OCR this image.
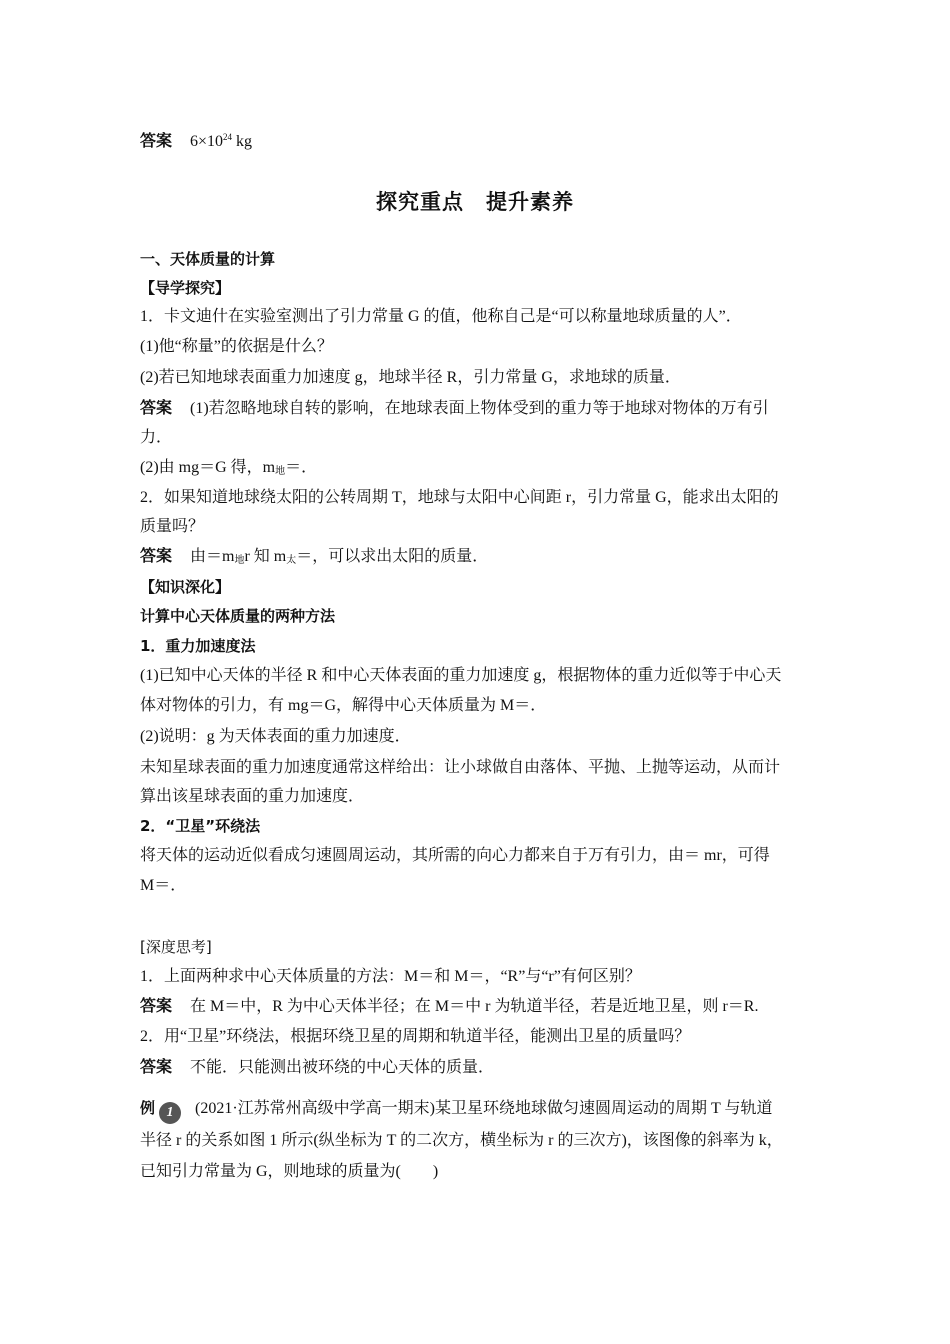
答案 $6\times 10^{24}$ kg
探究重点　提升素养
一、天体质量的计算
【导学探究】
1．卡文迪什在实验室测出了引力常量 G 的值，他称自己是“可以称量地球质量的人”．
(1)他“称量”的依据是什么？
(2)若已知地球表面重力加速度 g，地球半径 R，引力常量 G，求地球的质量．
答案 (1)若忽略地球自转的影响，在地球表面上物体受到的重力等于地球对物体的万有引
力．
(2)由 mg＝G 得，$m_地=$．
2．如果知道地球绕太阳的公转周期 T，地球与太阳中心间距 r，引力常量 G，能求出太阳的
质量吗？
答案 由$=m_地r$ 知 $m_太=$，可以求出太阳的质量．
【知识深化】
计算中心天体质量的两种方法
1．重力加速度法
(1)已知中心天体的半径 R 和中心天体表面的重力加速度 g，根据物体的重力近似等于中心天
体对物体的引力，有 mg＝G，解得中心天体质量为 M＝．
(2)说明：g 为天体表面的重力加速度．
未知星球表面的重力加速度通常这样给出：让小球做自由落体、平抛、上抛等运动，从而计
算出该星球表面的重力加速度．
2．“卫星”环绕法
将天体的运动近似看成匀速圆周运动，其所需的向心力都来自于万有引力，由＝ mr，可得
M＝．
[深度思考]
1．上面两种求中心天体质量的方法：M＝和 M＝，“R”与“r”有何区别？
答案 在 M＝中，R 为中心天体半径；在 M＝中 r 为轨道半径，若是近地卫星，则 r＝R.
2．用“卫星”环绕法，根据环绕卫星的周期和轨道半径，能测出卫星的质量吗？
答案 不能．只能测出被环绕的中心天体的质量．
例 1 (2021·江苏常州高级中学高一期末)某卫星环绕地球做匀速圆周运动的周期 T 与轨道
半径 r 的关系如图 1 所示(纵坐标为 T 的二次方，横坐标为 r 的三次方)，该图像的斜率为 k，
已知引力常量为 G，则地球的质量为(　　)
